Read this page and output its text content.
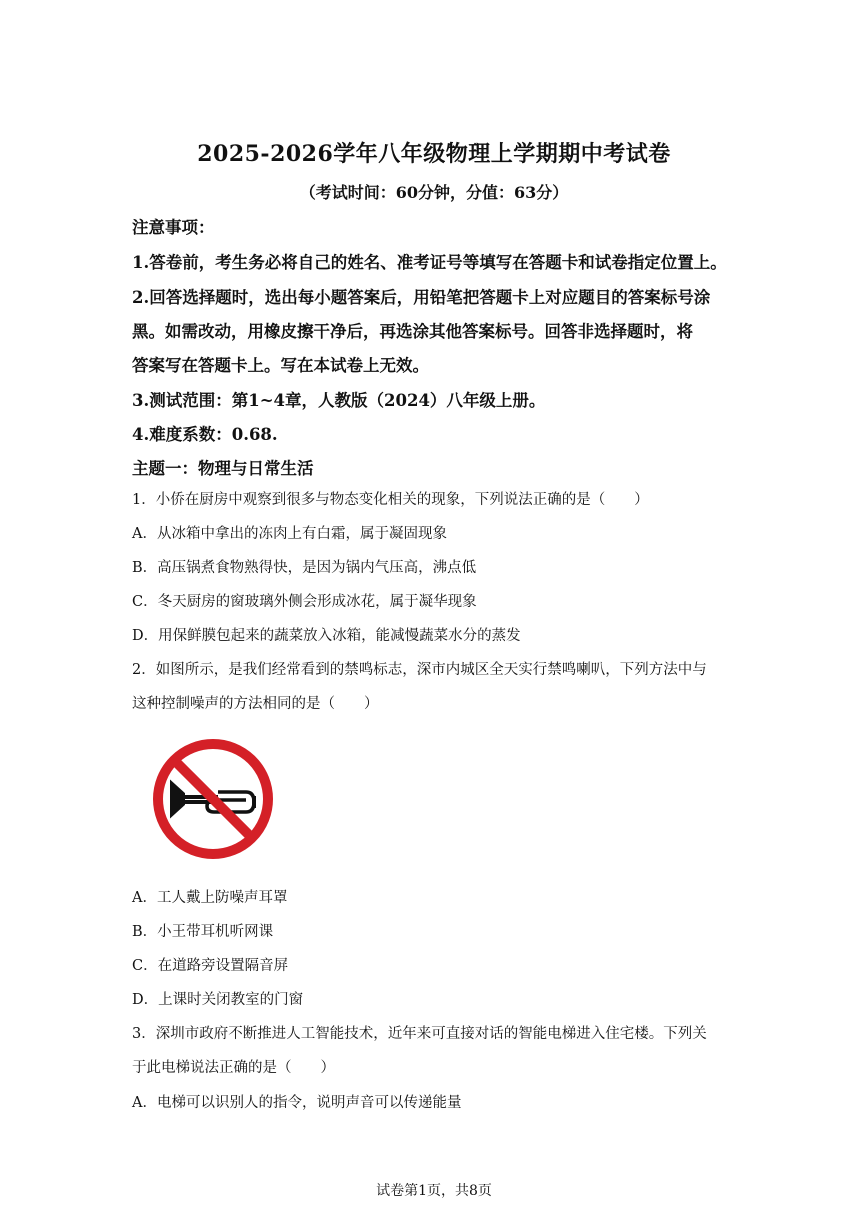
2025-2026学年八年级物理上学期期中考试卷
（考试时间：60分钟，分值：63分）
注意事项：
1.答卷前，考生务必将自己的姓名、准考证号等填写在答题卡和试卷指定位置上。
2.回答选择题时，选出每小题答案后，用铅笔把答题卡上对应题目的答案标号涂
黑。如需改动，用橡皮擦干净后，再选涂其他答案标号。回答非选择题时，将
答案写在答题卡上。写在本试卷上无效。
3.测试范围：第1~4章，人教版（2024）八年级上册。
4.难度系数：0.68.
主题一：物理与日常生活
1．小侨在厨房中观察到很多与物态变化相关的现象，下列说法正确的是（　　）
A．从冰箱中拿出的冻肉上有白霜，属于凝固现象
B．高压锅煮食物熟得快，是因为锅内气压高，沸点低
C．冬天厨房的窗玻璃外侧会形成冰花，属于凝华现象
D．用保鲜膜包起来的蔬菜放入冰箱，能减慢蔬菜水分的蒸发
2．如图所示，是我们经常看到的禁鸣标志，深市内城区全天实行禁鸣喇叭，下列方法中与
这种控制噪声的方法相同的是（　　）
A．工人戴上防噪声耳罩
B．小王带耳机听网课
C．在道路旁设置隔音屏
D．上课时关闭教室的门窗
3．深圳市政府不断推进人工智能技术，近年来可直接对话的智能电梯进入住宅楼。下列关
于此电梯说法正确的是（　　）
A．电梯可以识别人的指令，说明声音可以传递能量
试卷第1页，共8页
